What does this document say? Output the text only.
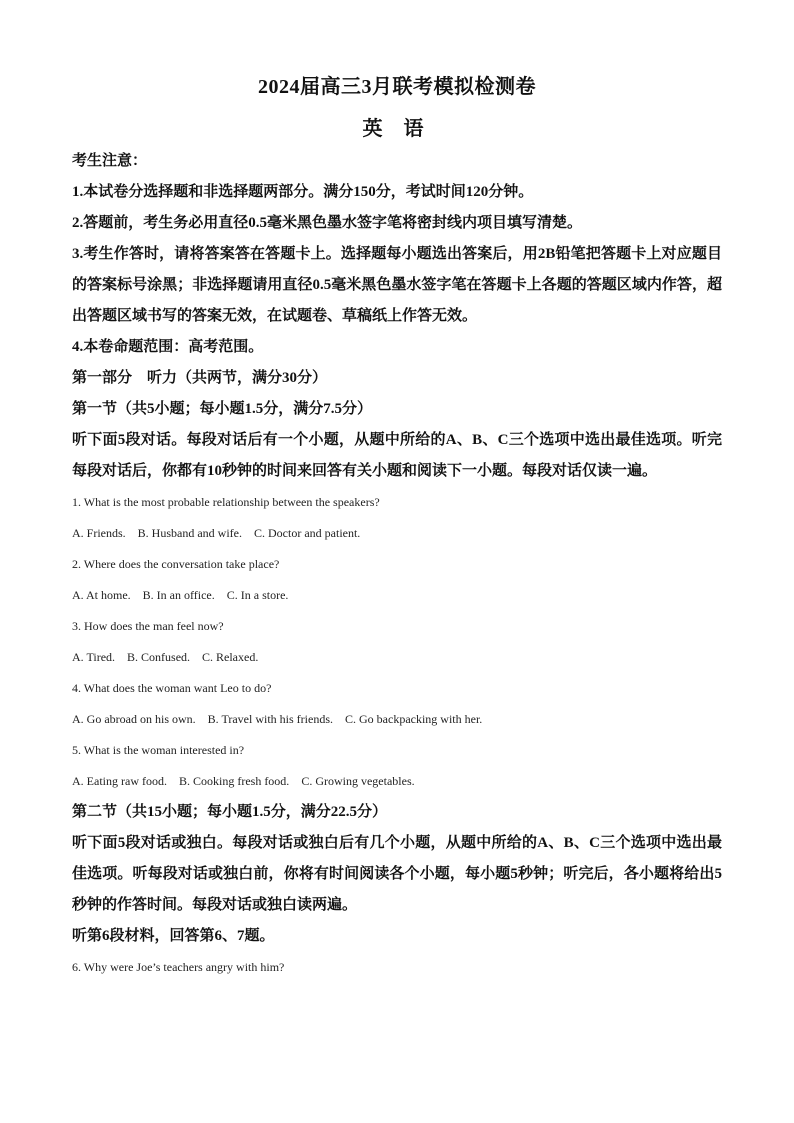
2024届高三3月联考模拟检测卷
英 语

考生注意：

1.本试卷分选择题和非选择题两部分。满分150分，考试时间120分钟。

2.答题前，考生务必用直径0.5毫米黑色墨水签字笔将密封线内项目填写清楚。

3.考生作答时，请将答案答在答题卡上。选择题每小题选出答案后，用2B铅笔把答题卡上对应题目的答案标号涂黑；非选择题请用直径0.5毫米黑色墨水签字笔在答题卡上各题的答题区域内作答，超出答题区域书写的答案无效，在试题卷、草稿纸上作答无效。

4.本卷命题范围：高考范围。

第一部分　听力（共两节，满分30分）

第一节（共5小题；每小题1.5分，满分7.5分）

听下面5段对话。每段对话后有一个小题，从题中所给的A、B、C三个选项中选出最佳选项。听完每段对话后，你都有10秒钟的时间来回答有关小题和阅读下一小题。每段对话仅读一遍。

1. What is the most probable relationship between the speakers?

A. Friends. B. Husband and wife. C. Doctor and patient.

2. Where does the conversation take place?

A. At home. B. In an office. C. In a store.

3. How does the man feel now?

A. Tired. B. Confused. C. Relaxed.

4. What does the woman want Leo to do?

A. Go abroad on his own. B. Travel with his friends. C. Go backpacking with her.

5. What is the woman interested in?

A. Eating raw food. B. Cooking fresh food. C. Growing vegetables.

第二节（共15小题；每小题1.5分，满分22.5分）

听下面5段对话或独白。每段对话或独白后有几个小题，从题中所给的A、B、C三个选项中选出最佳选项。听每段对话或独白前，你将有时间阅读各个小题，每小题5秒钟；听完后，各小题将给出5秒钟的作答时间。每段对话或独白读两遍。

听第6段材料，回答第6、7题。

6. Why were Joe’s teachers angry with him?
